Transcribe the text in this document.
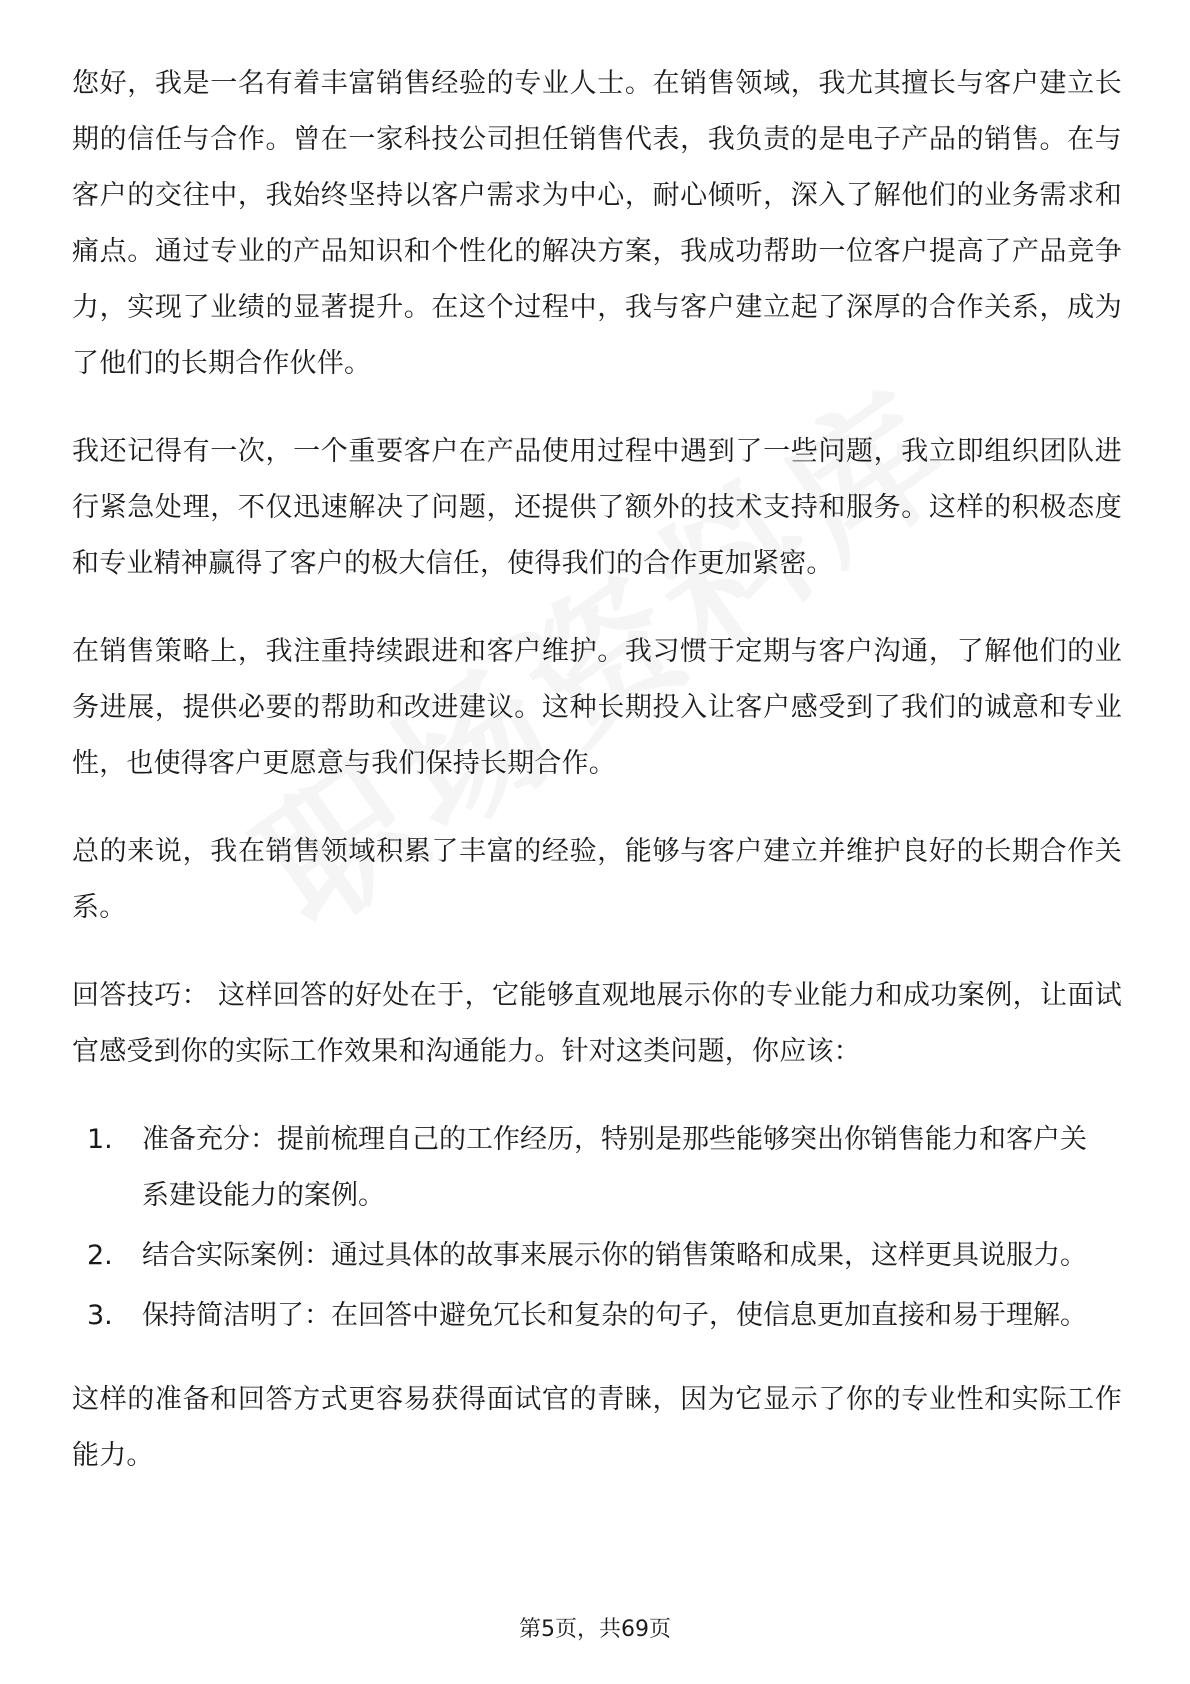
您好，我是一名有着丰富销售经验的专业人士。在销售领域，我尤其擅长与客户建立长期的信任与合作。曾在一家科技公司担任销售代表，我负责的是电子产品的销售。在与客户的交往中，我始终坚持以客户需求为中心，耐心倾听，深入了解他们的业务需求和痛点。通过专业的产品知识和个性化的解决方案，我成功帮助一位客户提高了产品竞争力，实现了业绩的显著提升。在这个过程中，我与客户建立起了深厚的合作关系，成为了他们的长期合作伙伴。

我还记得有一次，一个重要客户在产品使用过程中遇到了一些问题，我立即组织团队进行紧急处理，不仅迅速解决了问题，还提供了额外的技术支持和服务。这样的积极态度和专业精神赢得了客户的极大信任，使得我们的合作更加紧密。

在销售策略上，我注重持续跟进和客户维护。我习惯于定期与客户沟通，了解他们的业务进展，提供必要的帮助和改进建议。这种长期投入让客户感受到了我们的诚意和专业性，也使得客户更愿意与我们保持长期合作。

总的来说，我在销售领域积累了丰富的经验，能够与客户建立并维护良好的长期合作关系。

回答技巧： 这样回答的好处在于，它能够直观地展示你的专业能力和成功案例，让面试官感受到你的实际工作效果和沟通能力。针对这类问题，你应该：

1.	准备充分：提前梳理自己的工作经历，特别是那些能够突出你销售能力和客户关系建设能力的案例。
2.	结合实际案例：通过具体的故事来展示你的销售策略和成果，这样更具说服力。
3.	保持简洁明了：在回答中避免冗长和复杂的句子，使信息更加直接和易于理解。

这样的准备和回答方式更容易获得面试官的青睐，因为它显示了你的专业性和实际工作能力。

第5页，共69页
